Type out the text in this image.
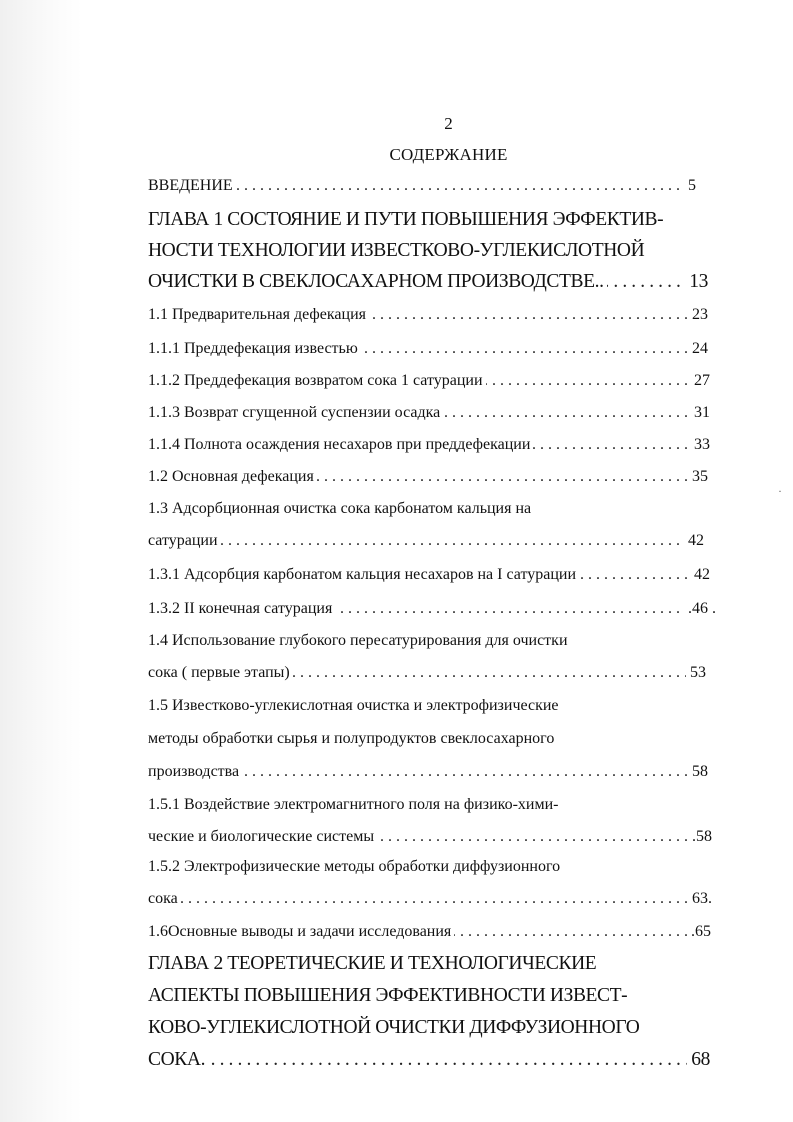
2
СОДЕРЖАНИЕ
. . .
ВВЕДЕНИЕ	5
ГЛАВА 1 СОСТОЯНИЕ И ПУТИ ПОВЫШЕНИЯ ЭФФЕКТИВ-
НОСТИ ТЕХНОЛОГИИ ИЗВЕСТКОВО-УГЛЕКИСЛОТНОЙ
. . .
ОЧИСТКИ В СВЕКЛОСАХАРНОМ ПРОИЗВОДСТВЕ..	13
. . .
1.1 Предварительная дефекация	23
. . .
1.1.1 Преддефекация известью	24
. . .
1.1.2 Преддефекация возвратом сока 1 сатурации	27
. . .
1.1.3 Возврат сгущенной суспензии осадка	31
. . .
1.1.4 Полнота осаждения несахаров при преддефекации	33
. . .
1.2 Основная дефекация	35
1.3 Адсорбционная очистка сока карбонатом кальция на
. . .
сатурации	42
. . .
1.3.1 Адсорбция карбонатом кальция несахаров на I сатурации	42
. . .
1.3.2 II конечная сатурация	.46 .
1.4 Использование глубокого пересатурирования для очистки
. . .
сока ( первые этапы)	53
1.5 Известково-углекислотная очистка и электрофизические
методы обработки сырья и полупродуктов свеклосахарного
. . .
производства	58
1.5.1 Воздействие электромагнитного поля на физико-хими-
. . .
ческие и биологические системы	.58
1.5.2 Электрофизические методы обработки диффузионного
. . .
сока	63.
. . .
1.6Основные выводы и задачи исследования	.65
ГЛАВА 2 ТЕОРЕТИЧЕСКИЕ И ТЕХНОЛОГИЧЕСКИЕ
АСПЕКТЫ ПОВЫШЕНИЯ ЭФФЕКТИВНОСТИ ИЗВЕСТ-
КОВО-УГЛЕКИСЛОТНОЙ ОЧИСТКИ ДИФФУЗИОННОГО
. . .
СОКА.	68
·
